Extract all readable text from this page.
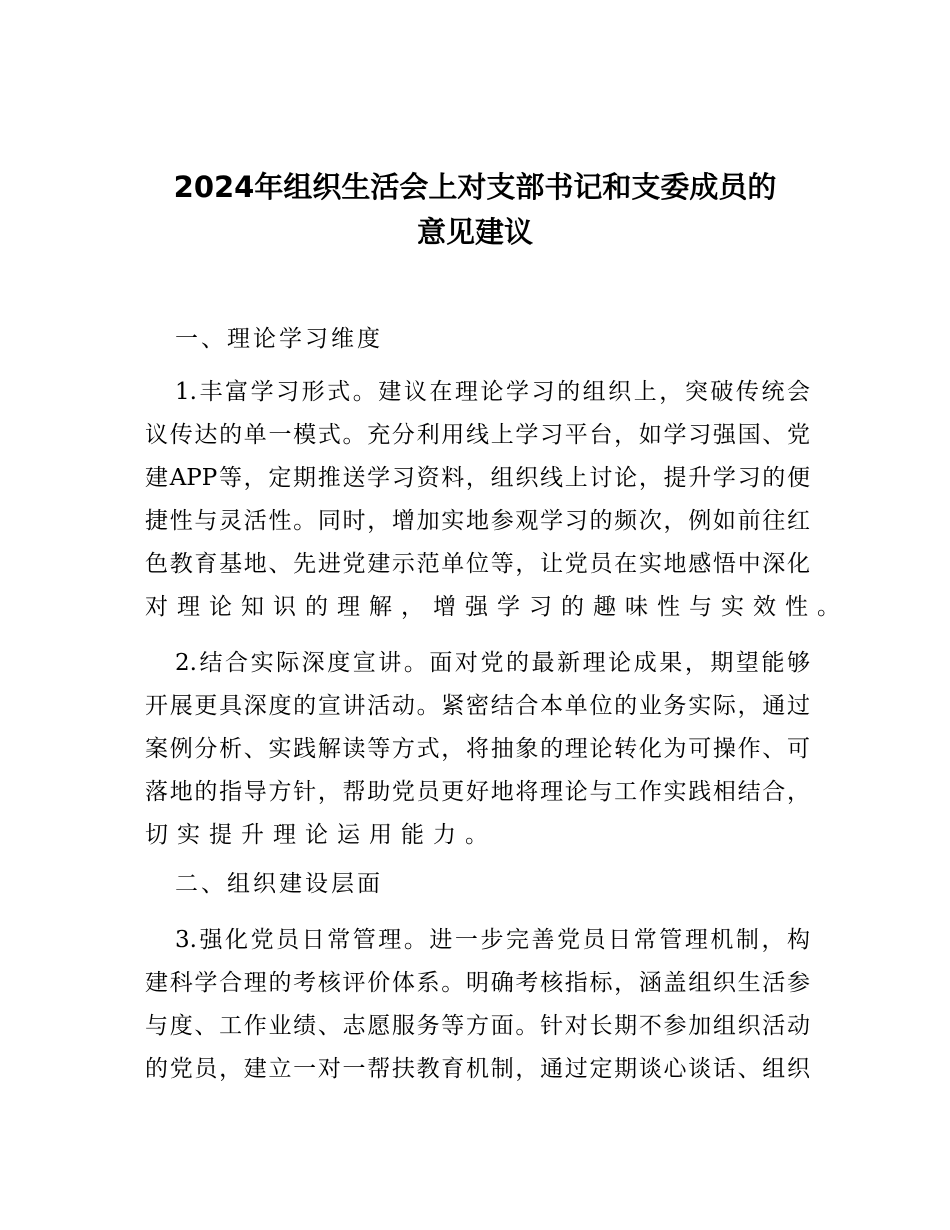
2024年组织生活会上对支部书记和支委成员的
意见建议
一、理论学习维度
1.丰富学习形式。建议在理论学习的组织上，突破传统会
议传达的单一模式。充分利用线上学习平台，如学习强国、党
建APP等，定期推送学习资料，组织线上讨论，提升学习的便
捷性与灵活性。同时，增加实地参观学习的频次，例如前往红
色教育基地、先进党建示范单位等，让党员在实地感悟中深化
对理论知识的理解，增强学习的趣味性与实效性。
2.结合实际深度宣讲。面对党的最新理论成果，期望能够
开展更具深度的宣讲活动。紧密结合本单位的业务实际，通过
案例分析、实践解读等方式，将抽象的理论转化为可操作、可
落地的指导方针，帮助党员更好地将理论与工作实践相结合，
切实提升理论运用能力。
二、组织建设层面
3.强化党员日常管理。进一步完善党员日常管理机制，构
建科学合理的考核评价体系。明确考核指标，涵盖组织生活参
与度、工作业绩、志愿服务等方面。针对长期不参加组织活动
的党员，建立一对一帮扶教育机制，通过定期谈心谈话、组织
